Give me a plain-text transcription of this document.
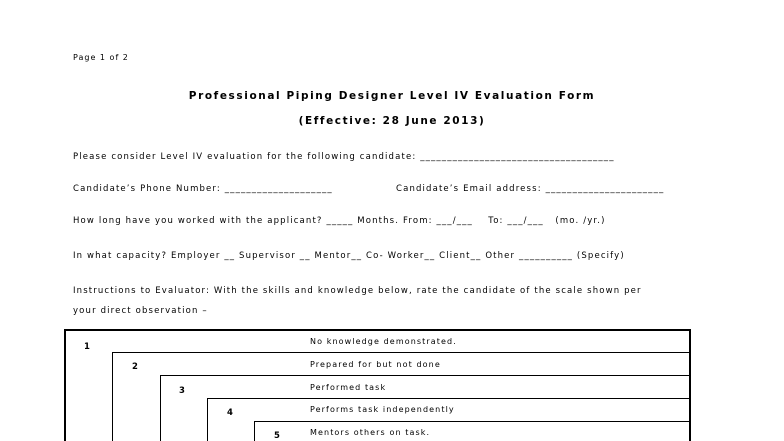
Page 1 of 2
Professional Piping Designer Level IV Evaluation Form
(Effective: 28 June 2013)
Please consider Level IV evaluation for the following candidate: ____________________________________
Candidate’s Phone Number: ____________________	Candidate’s Email address: ______________________
How long have you worked with the applicant? _____ Months. From: ___/___    To: ___/___   (mo. /yr.)
In what capacity? Employer __ Supervisor __ Mentor__ Co- Worker__ Client__ Other __________ (Specify)
Instructions to Evaluator: With the skills and knowledge below, rate the candidate of the scale shown per
your direct observation –
1
2
3
4
5
No knowledge demonstrated.
Prepared for but not done
Performed task
Performs task independently
Mentors others on task.
